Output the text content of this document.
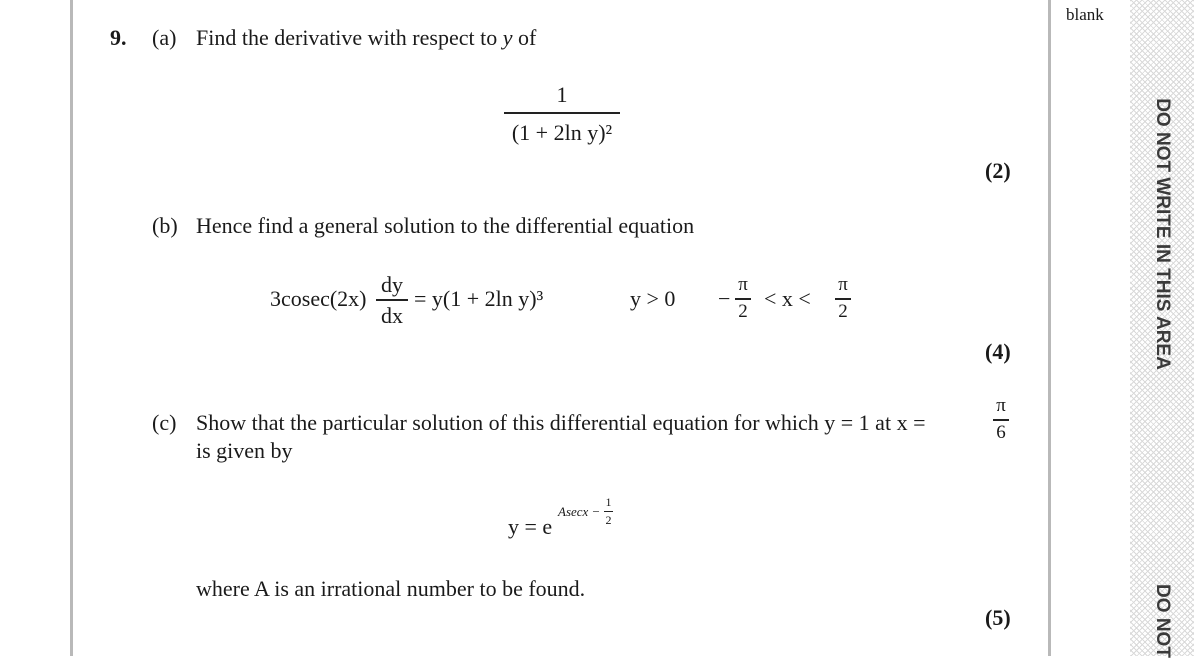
blank
DO NOT WRITE IN THIS AREA
DO NOT
9. (a) Find the derivative with respect to y of
1
(1 + 2ln y)²
(2)
(b) Hence find a general solution to the differential equation
3cosec(2x)
dy
dx
= y(1 + 2ln y)³	y > 0 −
π
2 < x <
π
2
(4)
(c) Show that the particular solution of this differential equation for which y = 1 at x =
π
6
is given by
y = e
Asecx −
1
2
where A is an irrational number to be found.
(5)
